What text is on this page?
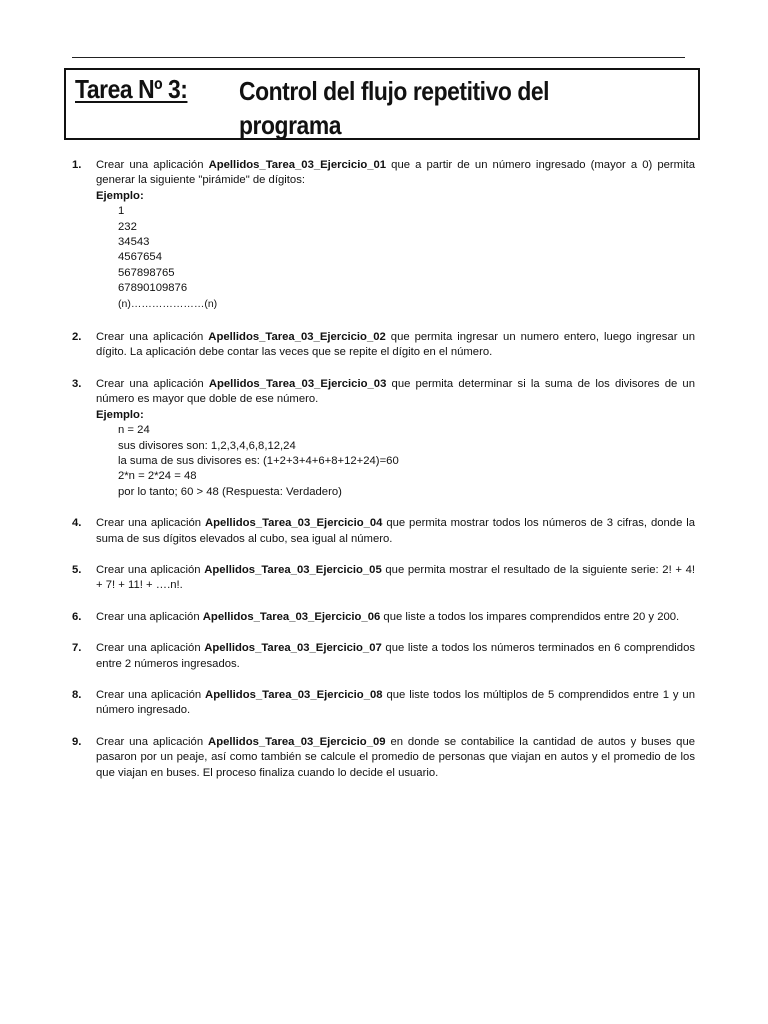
Tarea Nº 3: Control del flujo repetitivo del programa
1.	Crear una aplicación Apellidos_Tarea_03_Ejercicio_01 que a partir de un número ingresado (mayor a 0) permita generar la siguiente "pirámide" de dígitos:
Ejemplo:
1
232
34543
4567654
567898765
67890109876
(n)…………………(n)
2.	Crear una aplicación Apellidos_Tarea_03_Ejercicio_02 que permita ingresar un numero entero, luego ingresar un dígito. La aplicación debe contar las veces que se repite el dígito en el número.
3.	Crear una aplicación Apellidos_Tarea_03_Ejercicio_03 que permita determinar si la suma de los divisores de un número es mayor que doble de ese número.
Ejemplo:
n = 24
sus divisores son: 1,2,3,4,6,8,12,24
la suma de sus divisores es: (1+2+3+4+6+8+12+24)=60
2*n = 2*24 = 48
por lo tanto; 60 > 48 (Respuesta: Verdadero)
4.	Crear una aplicación Apellidos_Tarea_03_Ejercicio_04 que permita mostrar todos los números de 3 cifras, donde la suma de sus dígitos elevados al cubo, sea igual al número.
5.	Crear una aplicación Apellidos_Tarea_03_Ejercicio_05 que permita mostrar el resultado de la siguiente serie: 2! + 4! + 7! + 11! + ….n!.
6.	Crear una aplicación Apellidos_Tarea_03_Ejercicio_06 que liste a todos los impares comprendidos entre 20 y 200.
7.	Crear una aplicación Apellidos_Tarea_03_Ejercicio_07 que liste a todos los números terminados en 6 comprendidos entre 2 números ingresados.
8.	Crear una aplicación Apellidos_Tarea_03_Ejercicio_08 que liste todos los múltiplos de 5 comprendidos entre 1 y un número ingresado.
9.	Crear una aplicación Apellidos_Tarea_03_Ejercicio_09 en donde se contabilice la cantidad de autos y buses que pasaron por un peaje, así como también se calcule el promedio de personas que viajan en autos y el promedio de los que viajan en buses. El proceso finaliza cuando lo decide el usuario.
